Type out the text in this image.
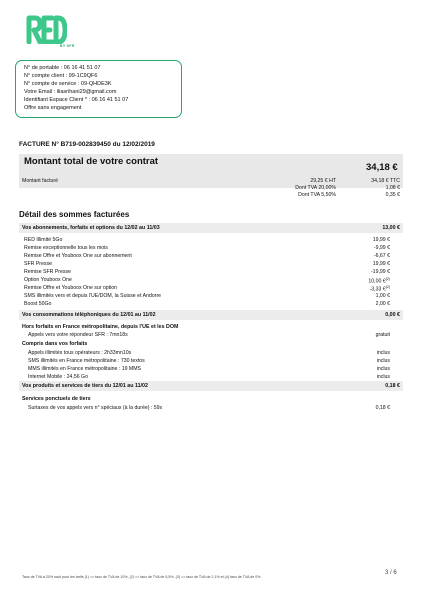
BY SFR
N° de portable : 06 16 41 51 07
N° compte client : 99-1C9QF6
N° compte de service : 09-QHDE3K
Votre Email : iliasrihani29@gmail.com
Identifiant Espace Client * : 06 16 41 51 07
Offre sans engagement
FACTURE N° B719-002839450 du 12/02/2019
Montant total de votre contrat
34,18 €
Montant facturé	29,25 € HT	34,18 € TTC
Dont TVA 20,00%	1,08 €
Dont TVA 5,50%	0,35 €
Détail des sommes facturées
Vos abonnements, forfaits et options du 12/02 au 11/03	13,00 €
RED Illimité 5Go	19,99 €
Remise exceptionnelle tous les mois	-9,99 €
Remise Offre et Youboox One sur abonnement	-6,67 €
SFR Presse	19,99 €
Remise SFR Presse	-19,99 €
Option Youboox One	10,00 €$^{(2)}$
Remise Offre et Youboox One sur option	-3,33 €$^{(2)}$
SMS illimités vers et depuis l'UE/DOM, la Suisse et Andorre	1,00 €
Boost 50Go	2,00 €
Vos consommations téléphoniques du 12/01 au 11/02	0,00 €
Hors forfaits en France métropolitaine, depuis l'UE et les DOM
Appels vers votre répondeur SFR : 7mn18s	gratuit
Compris dans vos forfaits
Appels illimités tous opérateurs : 2h33mn10s	inclus
SMS illimités en France métropolitaine : 730 textos	inclus
MMS illimités en France métropolitaine : 19 MMS	inclus
Internet Mobile : 24,56 Go	inclus
Vos produits et services de tiers du 12/01 au 11/02	0,18 €
Services ponctuels de tiers
Surtaxes de vos appels vers n° spéciaux (à la durée) : 59s	0,18 €
3 / 6
Taux de TVA à 20% sauf pour les tarifs (1) => taux de TVA de 10%, (2) => taux de TVA de 5,5%, (3) => taux de TVA de 2,1% et (4) taux de TVA de 0%
